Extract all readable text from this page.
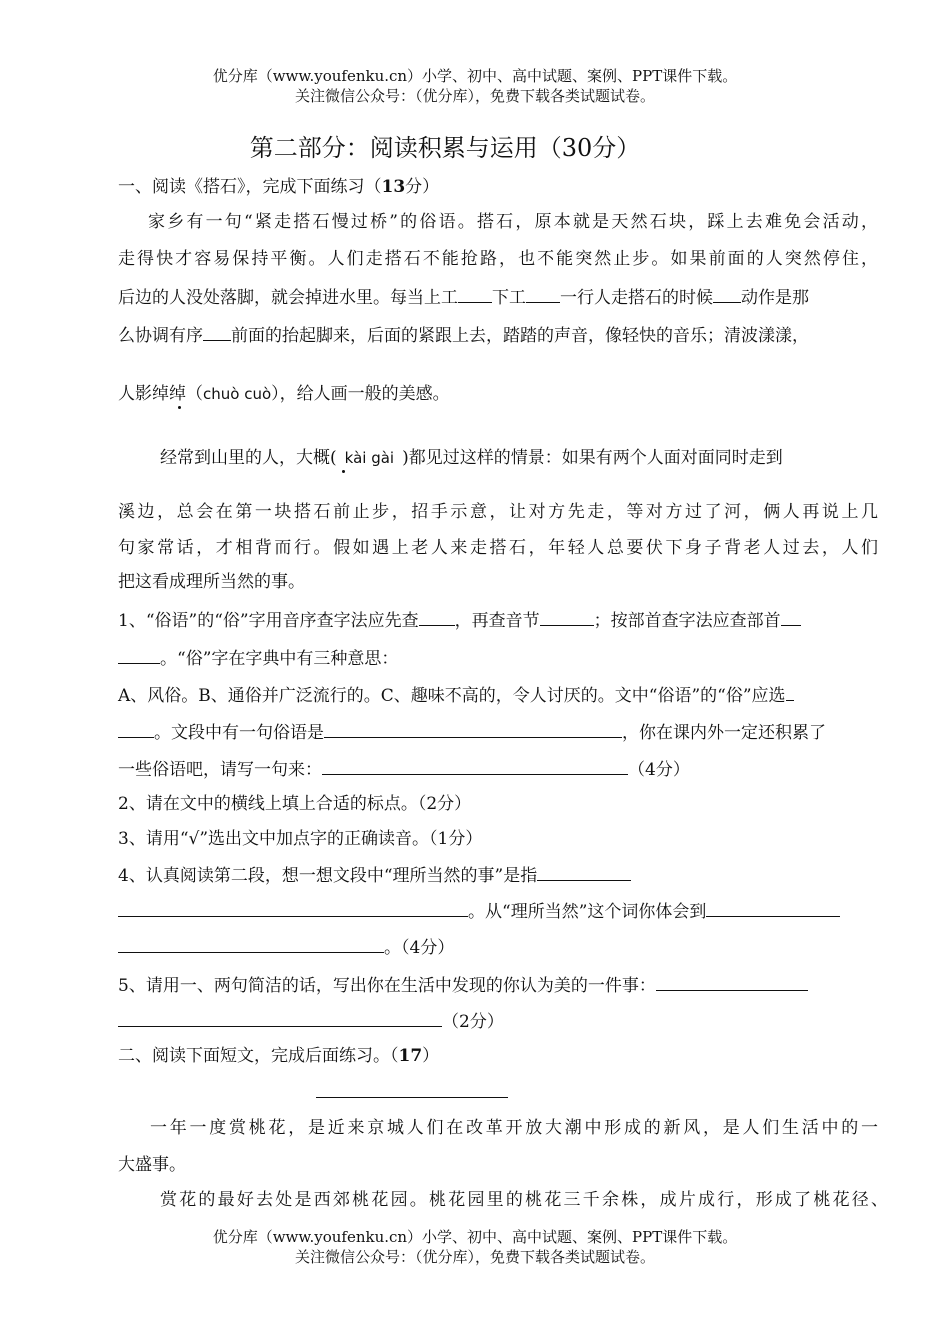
优分库（www.youfenku.cn）小学、初中、高中试题、案例、PPT课件下载。
关注微信公众号：（优分库），免费下载各类试题试卷。
第二部分：阅读积累与运用（30分）
一、阅读《搭石》，完成下面练习（13分）
家乡有一句“紧走搭石慢过桥”的俗语。搭石，原本就是天然石块，踩上去难免会活动，
走得快才容易保持平衡。人们走搭石不能抢路，也不能突然止步。如果前面的人突然停住，
后边的人没处落脚，就会掉进水里。每当上工 下工 一行人走搭石的时候 动作是那
么协调有序 前面的抬起脚来，后面的紧跟上去，踏踏的声音，像轻快的音乐；清波漾漾，
人影绰绰（chuò cuò），给人画一般的美感。
经常到山里的人，大概( kài gài )都见过这样的情景：如果有两个人面对面同时走到
溪边，总会在第一块搭石前止步，招手示意，让对方先走，等对方过了河，俩人再说上几
句家常话，才相背而行。假如遇上老人来走搭石，年轻人总要伏下身子背老人过去，人们
把这看成理所当然的事。
1、“俗语”的“俗”字用音序查字法应先查 ，再查音节	；按部首查字法应查部首
。“俗”字在字典中有三种意思：
A、风俗。B、通俗并广泛流行的。C、趣味不高的，令人讨厌的。文中“俗语”的“俗”应选
。文段中有一句俗语是	，你在课内外一定还积累了
一些俗语吧，请写一句来：	（4分）
2、请在文中的横线上填上合适的标点。（2分）
3、请用“√”选出文中加点字的正确读音。（1分）
4、认真阅读第二段，想一想文段中“理所当然的事”是指
。从“理所当然”这个词你体会到
。（4分）
5、请用一、两句简洁的话，写出你在生活中发现的你认为美的一件事：
（2分）
二、阅读下面短文，完成后面练习。（17）
一年一度赏桃花，是近来京城人们在改革开放大潮中形成的新风，是人们生活中的一
大盛事。
赏花的最好去处是西郊桃花园。桃花园里的桃花三千余株，成片成行，形成了桃花径、
优分库（www.youfenku.cn）小学、初中、高中试题、案例、PPT课件下载。
关注微信公众号：（优分库），免费下载各类试题试卷。
